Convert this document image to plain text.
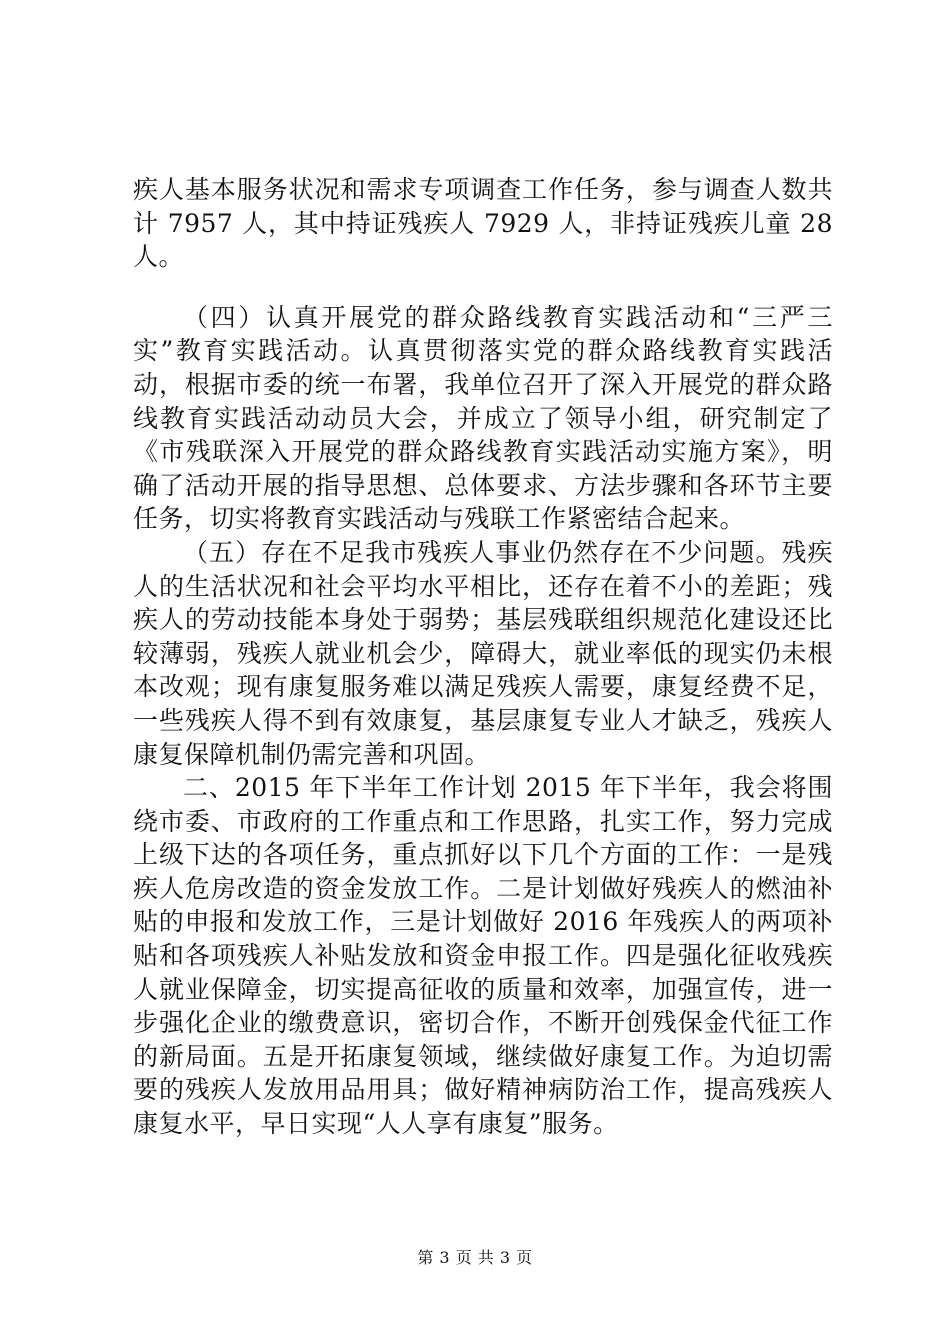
疾人基本服务状况和需求专项调查工作任务，参与调查人数共计 7957 人，其中持证残疾人 7929 人，非持证残疾儿童 28 人。

（四）认真开展党的群众路线教育实践活动和“三严三实”教育实践活动。认真贯彻落实党的群众路线教育实践活动，根据市委的统一布署，我单位召开了深入开展党的群众路线教育实践活动动员大会，并成立了领导小组，研究制定了《市残联深入开展党的群众路线教育实践活动实施方案》，明确了活动开展的指导思想、总体要求、方法步骤和各环节主要任务，切实将教育实践活动与残联工作紧密结合起来。

（五）存在不足我市残疾人事业仍然存在不少问题。残疾人的生活状况和社会平均水平相比，还存在着不小的差距；残疾人的劳动技能本身处于弱势；基层残联组织规范化建设还比较薄弱，残疾人就业机会少，障碍大，就业率低的现实仍未根本改观；现有康复服务难以满足残疾人需要，康复经费不足，一些残疾人得不到有效康复，基层康复专业人才缺乏，残疾人康复保障机制仍需完善和巩固。

二、2015 年下半年工作计划 2015 年下半年，我会将围绕市委、市政府的工作重点和工作思路，扎实工作，努力完成上级下达的各项任务，重点抓好以下几个方面的工作：一是残疾人危房改造的资金发放工作。二是计划做好残疾人的燃油补贴的申报和发放工作，三是计划做好 2016 年残疾人的两项补贴和各项残疾人补贴发放和资金申报工作。四是强化征收残疾人就业保障金，切实提高征收的质量和效率，加强宣传，进一步强化企业的缴费意识，密切合作，不断开创残保金代征工作的新局面。五是开拓康复领域，继续做好康复工作。为迫切需要的残疾人发放用品用具；做好精神病防治工作，提高残疾人康复水平，早日实现“人人享有康复”服务。

第 3 页 共 3 页
